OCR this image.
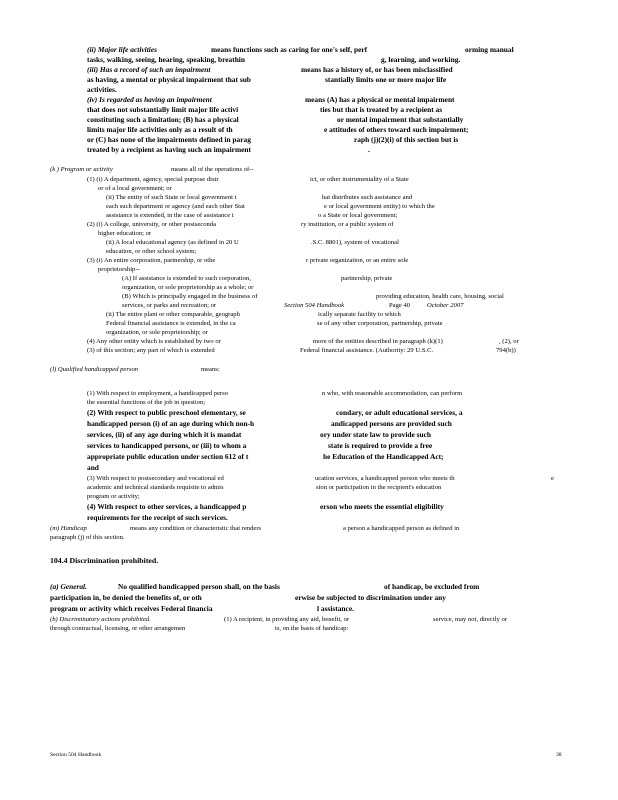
(ii) Major life activities	means functions such as caring for one's self, perf	orming manual
tasks, walking, seeing, hearing, speaking, breathin	g, learning, and working.
(iii) Has a record of such an impairment	means has a history of, or has been misclassified
as having, a mental or physical impairment that sub	stantially limits one or more major life
activities.
(iv) Is regarded as having an impairment	means (A) has a physical or mental impairment
that does not substantially limit major life activi	ties but that is treated by a recipient as
constituting such a limitation; (B) has a physical	or mental impairment that substantially
limits major life activities only as a result of th	e attitudes of others toward such impairment;
or (C) has none of the impairments defined in parag	raph (j)(2)(i) of this section but is
treated by a recipient as having such an impairment	.
(k ) Program or activity	means all of the operations of--
(1) (i) A department, agency, special purpose distr	ict, or other instrumentality of a State
or of a local government; or
(ii) The entity of such State or local government t	hat distributes such assistance and
each such department or agency (and each other Stat	e or local government entity) to which the
assistance is extended, in the case of assistance t	o a State or local government;
(2) (i) A college, university, or other postseconda	ry institution, or a public system of
higher education; or
(ii) A local educational agency (as defined in 20 U	.S.C. 8801), system of vocational
education, or other school system;
(3) (i) An entire corporation, partnership, or othe	r private organization, or an entire sole
proprietorship--
(A) If assistance is extended to such corporation,	partnership, private
organization, or sole proprietorship as a whole; or
(B) Which is principally engaged in the business of	providing education, health care, housing, social
services, or parks and recreation; or	Section 504 Handbook	Page 40	October 2007
(ii) The entire plant or other comparable, geograph	ically separate facility to which
Federal financial assistance is extended, in the ca	se of any other corporation, partnership, private
organization, or sole proprietorship; or
(4) Any other entity which is established by two or	more of the entities described in paragraph (k)(1)	, (2), or
(3) of this section; any part of which is extended	Federal financial assistance. (Authority: 29 U.S.C.	794(b))
(l) Qualified handicapped person	means:
(1) With respect to employment, a handicapped perso	n who, with reasonable accommodation, can perform
the essential functions of the job in question;
(2) With respect to public preschool elementary, se	condary, or adult educational services, a
handicapped person (i) of an age during which non-h	andicapped persons are provided such
services, (ii) of any age during which it is mandat	ory under state law to provide such
services to handicapped persons, or (iii) to whom a	state is required to provide a free
appropriate public education under section 612 of t	he Education of the Handicapped Act;
and
(3) With respect to postsecondary and vocational ed	ucation services, a handicapped person who meets th	e
academic and technical standards requisite to admis	sion or participation in the recipient's education
program or activity;
(4) With respect to other services, a handicapped p	erson who meets the essential eligibility
requirements for the receipt of such services.
(m) Handicap	means any condition or characteristic that renders	a person a handicapped person as defined in
paragraph (j) of this section.
104.4 Discrimination prohibited.
(a) General.	No qualified handicapped person shall, on the basis	of handicap, be excluded from
participation in, be denied the benefits of, or oth	erwise be subjected to discrimination under any
program or activity which receives Federal financia	l assistance.
(b) Discriminatory actions prohibited.	(1) A recipient, in providing any aid, benefit, or	service, may not, directly or
through contractual, licensing, or other arrangemen	ts, on the basis of handicap:
Section 504 Handbook	38
